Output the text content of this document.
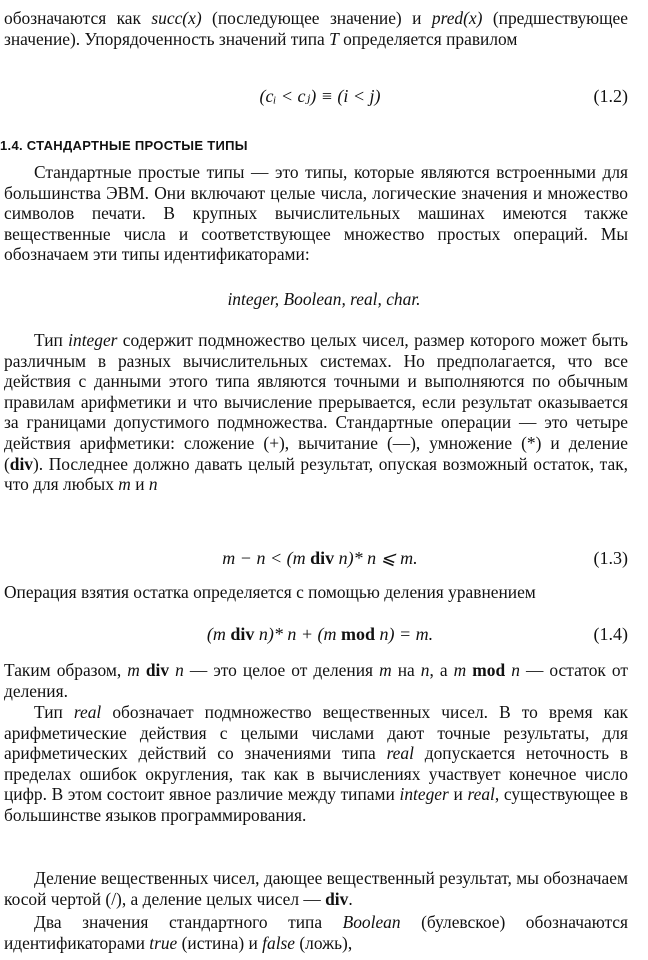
обозначаются как succ(x) (последующее значение) и pred(x) (предшествующее значение). Упорядоченность значений типа T определяется правилом
(cᵢ < cⱼ) ≡ (i < j)	(1.2)
1.4. СТАНДАРТНЫЕ ПРОСТЫЕ ТИПЫ
Стандартные простые типы — это типы, которые являются встроенными для большинства ЭВМ. Они включают целые числа, логические значения и множество символов печати. В крупных вычислительных машинах имеются также вещественные числа и соответствующее множество простых операций. Мы обозначаем эти типы идентификаторами:
integer, Boolean, real, char.
Тип integer содержит подмножество целых чисел, размер которого может быть различным в разных вычислительных системах. Но предполагается, что все действия с данными этого типа являются точными и выполняются по обычным правилам арифметики и что вычисление прерывается, если результат оказывается за границами допустимого подмножества. Стандартные операции — это четыре действия арифметики: сложение (+), вычитание (—), умножение (*) и деление (div). Последнее должно давать целый результат, опуская возможный остаток, так, что для любых m и n
m − n < (m div n)* n ⩽ m.	(1.3)
Операция взятия остатка определяется с помощью деления уравнением
(m div n)* n + (m mod n) = m.	(1.4)
Таким образом, m div n — это целое от деления m на n, а m mod n — остаток от деления.
Тип real обозначает подмножество вещественных чисел. В то время как арифметические действия с целыми числами дают точные результаты, для арифметических действий со значениями типа real допускается неточность в пределах ошибок округления, так как в вычислениях участвует конечное число цифр. В этом состоит явное различие между типами integer и real, существующее в большинстве языков программирования.
Деление вещественных чисел, дающее вещественный результат, мы обозначаем косой чертой (/), а деление целых чисел — div.
Два значения стандартного типа Boolean (булевское) обозначаются идентификаторами true (истина) и false (ложь),
